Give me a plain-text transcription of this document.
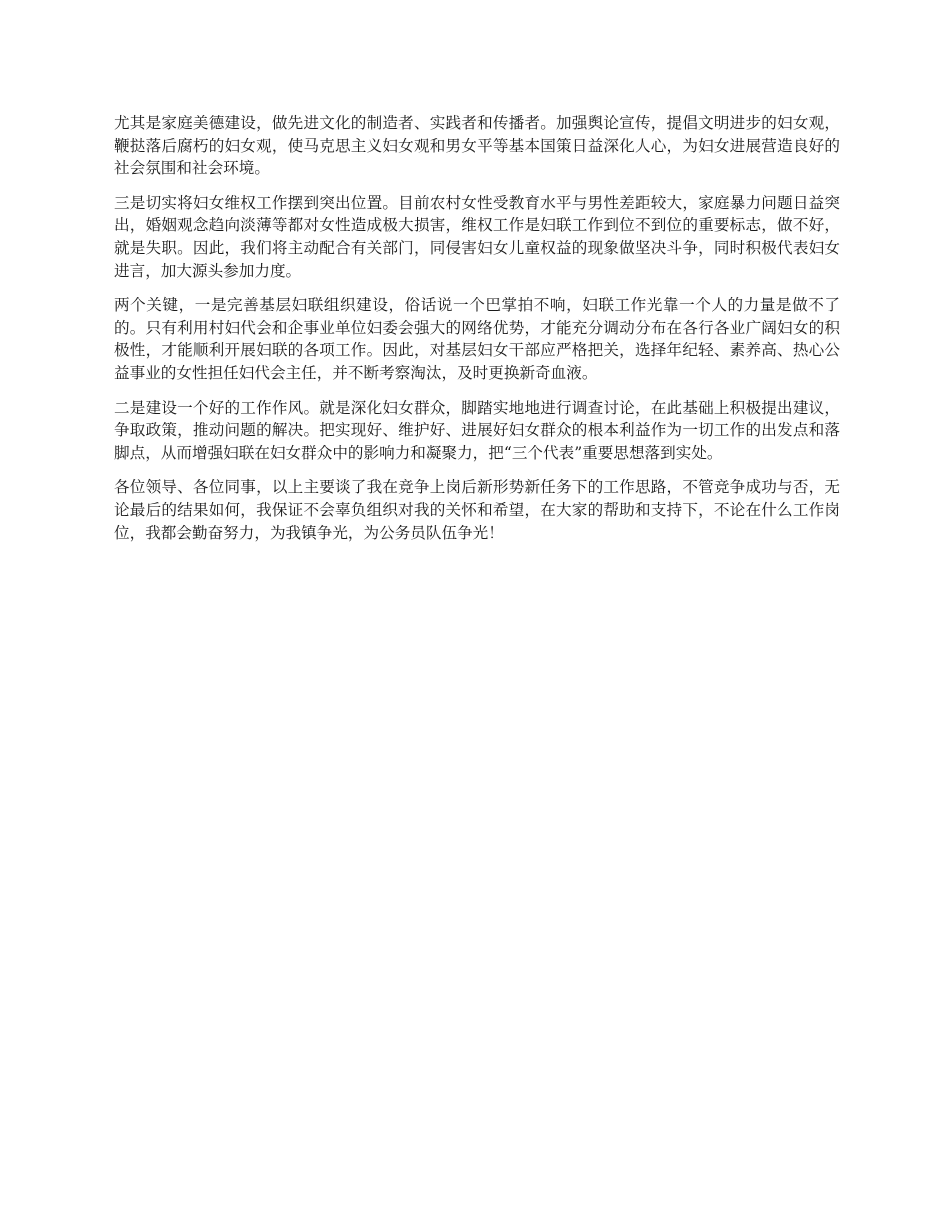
尤其是家庭美德建设，做先进文化的制造者、实践者和传播者。加强舆论宣传，提倡文明进步的妇女观，鞭挞落后腐朽的妇女观，使马克思主义妇女观和男女平等基本国策日益深化人心，为妇女进展营造良好的社会氛围和社会环境。

三是切实将妇女维权工作摆到突出位置。目前农村女性受教育水平与男性差距较大，家庭暴力问题日益突出，婚姻观念趋向淡薄等都对女性造成极大损害，维权工作是妇联工作到位不到位的重要标志，做不好，就是失职。因此，我们将主动配合有关部门，同侵害妇女儿童权益的现象做坚决斗争，同时积极代表妇女进言，加大源头参加力度。

两个关键，一是完善基层妇联组织建设，俗话说一个巴掌拍不响，妇联工作光靠一个人的力量是做不了的。只有利用村妇代会和企事业单位妇委会强大的网络优势，才能充分调动分布在各行各业广阔妇女的积极性，才能顺利开展妇联的各项工作。因此，对基层妇女干部应严格把关，选择年纪轻、素养高、热心公益事业的女性担任妇代会主任，并不断考察淘汰，及时更换新奇血液。

二是建设一个好的工作作风。就是深化妇女群众，脚踏实地地进行调查讨论，在此基础上积极提出建议，争取政策，推动问题的解决。把实现好、维护好、进展好妇女群众的根本利益作为一切工作的出发点和落脚点，从而增强妇联在妇女群众中的影响力和凝聚力，把“三个代表”重要思想落到实处。

各位领导、各位同事，以上主要谈了我在竞争上岗后新形势新任务下的工作思路，不管竞争成功与否，无论最后的结果如何，我保证不会辜负组织对我的关怀和希望，在大家的帮助和支持下，不论在什么工作岗位，我都会勤奋努力，为我镇争光，为公务员队伍争光！
